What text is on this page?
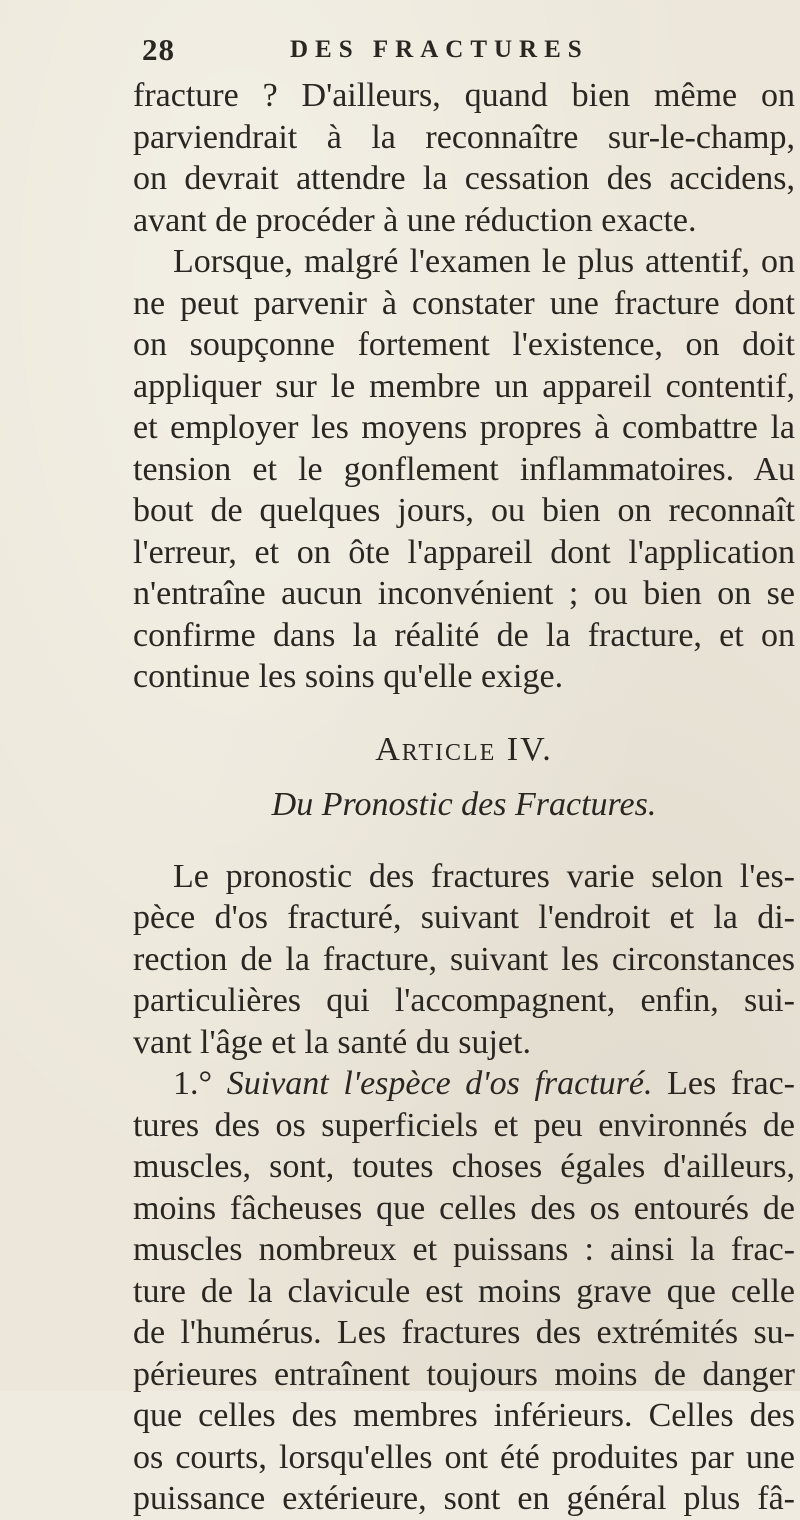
28	DES FRACTURES
fracture ? D'ailleurs, quand bien même on
parviendrait à la reconnaître sur-le-champ,
on devrait attendre la cessation des accidens,
avant de procéder à une réduction exacte.
Lorsque, malgré l'examen le plus attentif, on
ne peut parvenir à constater une fracture dont
on soupçonne fortement l'existence, on doit
appliquer sur le membre un appareil contentif,
et employer les moyens propres à combattre la
tension et le gonflement inflammatoires. Au
bout de quelques jours, ou bien on reconnaît
l'erreur, et on ôte l'appareil dont l'application
n'entraîne aucun inconvénient ; ou bien on se
confirme dans la réalité de la fracture, et on
continue les soins qu'elle exige.
Article IV.
Du Pronostic des Fractures.
Le pronostic des fractures varie selon l'es-
pèce d'os fracturé, suivant l'endroit et la di-
rection de la fracture, suivant les circonstances
particulières qui l'accompagnent, enfin, sui-
vant l'âge et la santé du sujet.
1.° Suivant l'espèce d'os fracturé. Les frac-
tures des os superficiels et peu environnés de
muscles, sont, toutes choses égales d'ailleurs,
moins fâcheuses que celles des os entourés de
muscles nombreux et puissans : ainsi la frac-
ture de la clavicule est moins grave que celle
de l'humérus. Les fractures des extrémités su-
périeures entraînent toujours moins de danger
que celles des membres inférieurs. Celles des
os courts, lorsqu'elles ont été produites par une
puissance extérieure, sont en général plus fâ-
